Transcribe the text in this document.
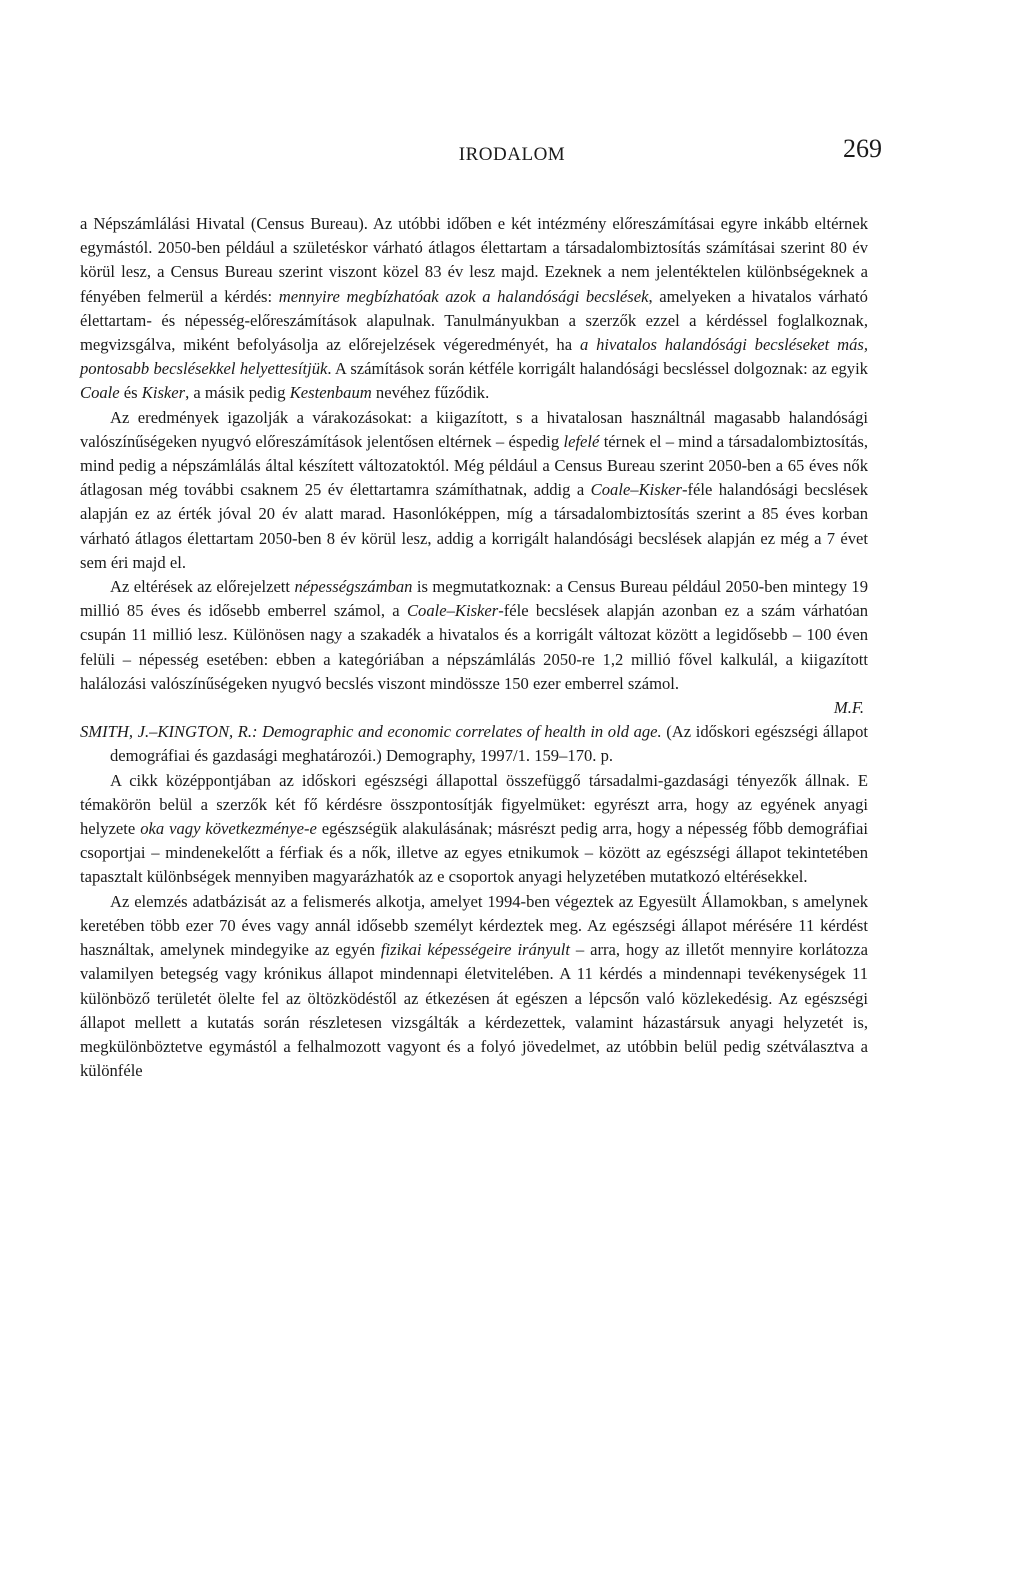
IRODALOM	269

a Népszámlálási Hivatal (Census Bureau). Az utóbbi időben e két intézmény előreszámításai egyre inkább eltérnek egymástól. 2050-ben például a születéskor várható átlagos élettartam a társadalombiztosítás számításai szerint 80 év körül lesz, a Census Bureau szerint viszont közel 83 év lesz majd. Ezeknek a nem jelentéktelen különbségeknek a fényében felmerül a kérdés: mennyire megbízhatóak azok a halandósági becslések, amelyeken a hivatalos várható élettartam- és népesség-előreszámítások alapulnak. Tanulmányukban a szerzők ezzel a kérdéssel foglalkoznak, megvizsgálva, miként befolyásolja az előrejelzések végeredményét, ha a hivatalos halandósági becsléseket más, pontosabb becslésekkel helyettesítjük. A számítások során kétféle korrigált halandósági becsléssel dolgoznak: az egyik Coale és Kisker, a másik pedig Kestenbaum nevéhez fűződik.

Az eredmények igazolják a várakozásokat: a kiigazított, s a hivatalosan használtnál magasabb halandósági valószínűségeken nyugvó előreszámítások jelentősen eltérnek – éspedig lefelé térnek el – mind a társadalombiztosítás, mind pedig a népszámlálás által készített változatoktól. Még például a Census Bureau szerint 2050-ben a 65 éves nők átlagosan még további csaknem 25 év élettartamra számíthatnak, addig a Coale–Kisker-féle halandósági becslések alapján ez az érték jóval 20 év alatt marad. Hasonlóképpen, míg a társadalombiztosítás szerint a 85 éves korban várható átlagos élettartam 2050-ben 8 év körül lesz, addig a korrigált halandósági becslések alapján ez még a 7 évet sem éri majd el.

Az eltérések az előrejelzett népességszámban is megmutatkoznak: a Census Bureau például 2050-ben mintegy 19 millió 85 éves és idősebb emberrel számol, a Coale–Kisker-féle becslések alapján azonban ez a szám várhatóan csupán 11 millió lesz. Különösen nagy a szakadék a hivatalos és a korrigált változat között a legidősebb – 100 éven felüli – népesség esetében: ebben a kategóriában a népszámlálás 2050-re 1,2 millió fővel kalkulál, a kiigazított halálozási valószínűségeken nyugvó becslés viszont mindössze 150 ezer emberrel számol.

M.F.

SMITH, J.–KINGTON, R.: Demographic and economic correlates of health in old age. (Az időskori egészségi állapot demográfiai és gazdasági meghatározói.) Demography, 1997/1. 159–170. p.

A cikk középpontjában az időskori egészségi állapottal összefüggő társadalmi-gazdasági tényezők állnak. E témakörön belül a szerzők két fő kérdésre összpontosítják figyelmüket: egyrészt arra, hogy az egyének anyagi helyzete oka vagy következménye-e egészségük alakulásának; másrészt pedig arra, hogy a népesség főbb demográfiai csoportjai – mindenekelőtt a férfiak és a nők, illetve az egyes etnikumok – között az egészségi állapot tekintetében tapasztalt különbségek mennyiben magyarázhatók az e csoportok anyagi helyzetében mutatkozó eltérésekkel.

Az elemzés adatbázisát az a felismerés alkotja, amelyet 1994-ben végeztek az Egyesült Államokban, s amelynek keretében több ezer 70 éves vagy annál idősebb személyt kérdeztek meg. Az egészségi állapot mérésére 11 kérdést használtak, amelynek mindegyike az egyén fizikai képességeire irányult – arra, hogy az illetőt mennyire korlátozza valamilyen betegség vagy krónikus állapot mindennapi életvitelében. A 11 kérdés a mindennapi tevékenységek 11 különböző területét ölelte fel az öltözködéstől az étkezésen át egészen a lépcsőn való közlekedésig. Az egészségi állapot mellett a kutatás során részletesen vizsgálták a kérdezettek, valamint házastársuk anyagi helyzetét is, megkülönböztetve egymástól a felhalmozott vagyont és a folyó jövedelmet, az utóbbin belül pedig szétválasztva a különféle
